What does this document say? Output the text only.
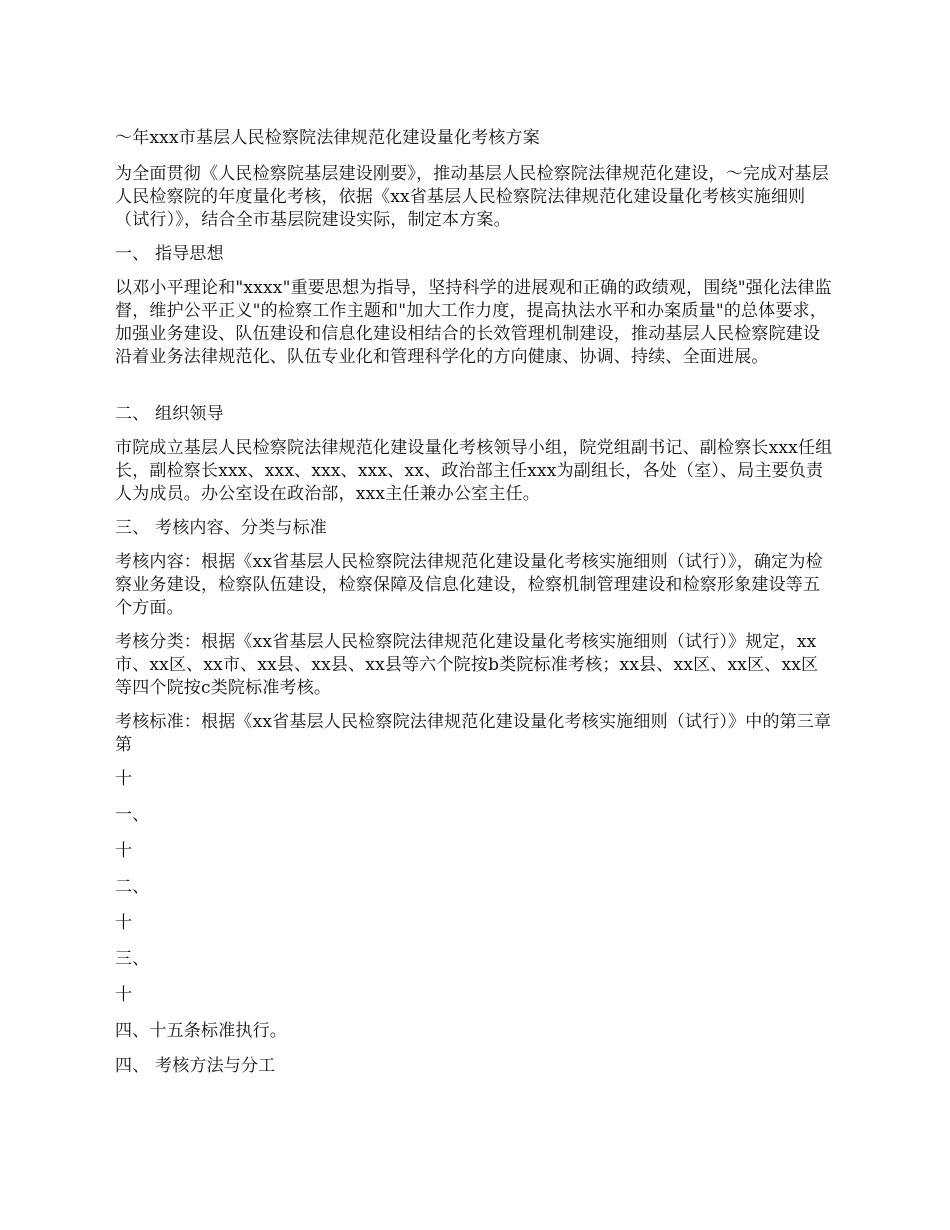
～年xxx市基层人民检察院法律规范化建设量化考核方案

为全面贯彻《人民检察院基层建设刚要》，推动基层人民检察院法律规范化建设，～完成对基层人民检察院的年度量化考核，依据《xx省基层人民检察院法律规范化建设量化考核实施细则（试行）》，结合全市基层院建设实际，制定本方案。

一、 指导思想

以邓小平理论和"xxxx"重要思想为指导，坚持科学的进展观和正确的政绩观，围绕"强化法律监督，维护公平正义"的检察工作主题和"加大工作力度，提高执法水平和办案质量"的总体要求，加强业务建设、队伍建设和信息化建设相结合的长效管理机制建设，推动基层人民检察院建设沿着业务法律规范化、队伍专业化和管理科学化的方向健康、协调、持续、全面进展。

二、 组织领导

市院成立基层人民检察院法律规范化建设量化考核领导小组，院党组副书记、副检察长xxx任组长，副检察长xxx、xxx、xxx、xxx、xx、政治部主任xxx为副组长，各处（室）、局主要负责人为成员。办公室设在政治部，xxx主任兼办公室主任。

三、 考核内容、分类与标准

考核内容：根据《xx省基层人民检察院法律规范化建设量化考核实施细则（试行）》，确定为检察业务建设，检察队伍建设，检察保障及信息化建设，检察机制管理建设和检察形象建设等五个方面。

考核分类：根据《xx省基层人民检察院法律规范化建设量化考核实施细则（试行）》规定，xx市、xx区、xx市、xx县、xx县、xx县等六个院按b类院标准考核；xx县、xx区、xx区、xx区等四个院按c类院标准考核。

考核标准：根据《xx省基层人民检察院法律规范化建设量化考核实施细则（试行）》中的第三章第

十

一、

十

二、

十

三、

十

四、十五条标准执行。

四、 考核方法与分工
